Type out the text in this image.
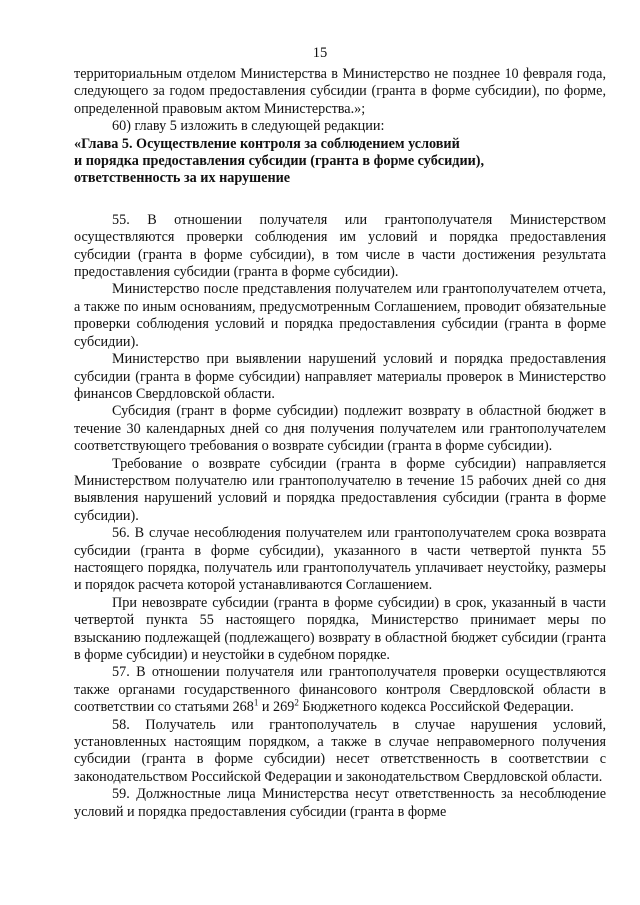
15

территориальным отделом Министерства в Министерство не позднее 10 февраля года, следующего за годом предоставления субсидии (гранта в форме субсидии), по форме, определенной правовым актом Министерства.»;

60) главу 5 изложить в следующей редакции:

«Глава 5. Осуществление контроля за соблюдением условий

и порядка предоставления субсидии (гранта в форме субсидии),

ответственность за их нарушение

55. В отношении получателя или грантополучателя Министерством осуществляются проверки соблюдения им условий и порядка предоставления субсидии (гранта в форме субсидии), в том числе в части достижения результата предоставления субсидии (гранта в форме субсидии).

Министерство после представления получателем или грантополучателем отчета, а также по иным основаниям, предусмотренным Соглашением, проводит обязательные проверки соблюдения условий и порядка предоставления субсидии (гранта в форме субсидии).

Министерство при выявлении нарушений условий и порядка предоставления субсидии (гранта в форме субсидии) направляет материалы проверок в Министерство финансов Свердловской области.

Субсидия (грант в форме субсидии) подлежит возврату в областной бюджет в течение 30 календарных дней со дня получения получателем или грантополучателем соответствующего требования о возврате субсидии (гранта в форме субсидии).

Требование о возврате субсидии (гранта в форме субсидии) направляется Министерством получателю или грантополучателю в течение 15 рабочих дней со дня выявления нарушений условий и порядка предоставления субсидии (гранта в форме субсидии).

56. В случае несоблюдения получателем или грантополучателем срока возврата субсидии (гранта в форме субсидии), указанного в части четвертой пункта 55 настоящего порядка, получатель или грантополучатель уплачивает неустойку, размеры и порядок расчета которой устанавливаются Соглашением.

При невозврате субсидии (гранта в форме субсидии) в срок, указанный в части четвертой пункта 55 настоящего порядка, Министерство принимает меры по взысканию подлежащей (подлежащего) возврату в областной бюджет субсидии (гранта в форме субсидии) и неустойки в судебном порядке.

57. В отношении получателя или грантополучателя проверки осуществляются также органами государственного финансового контроля Свердловской области в соответствии со статьями $268^1$ и $269^2$ Бюджетного кодекса Российской Федерации.

58. Получатель или грантополучатель в случае нарушения условий, установленных настоящим порядком, а также в случае неправомерного получения субсидии (гранта в форме субсидии) несет ответственность в соответствии с законодательством Российской Федерации и законодательством Свердловской области.

59. Должностные лица Министерства несут ответственность за несоблюдение условий и порядка предоставления субсидии (гранта в форме
